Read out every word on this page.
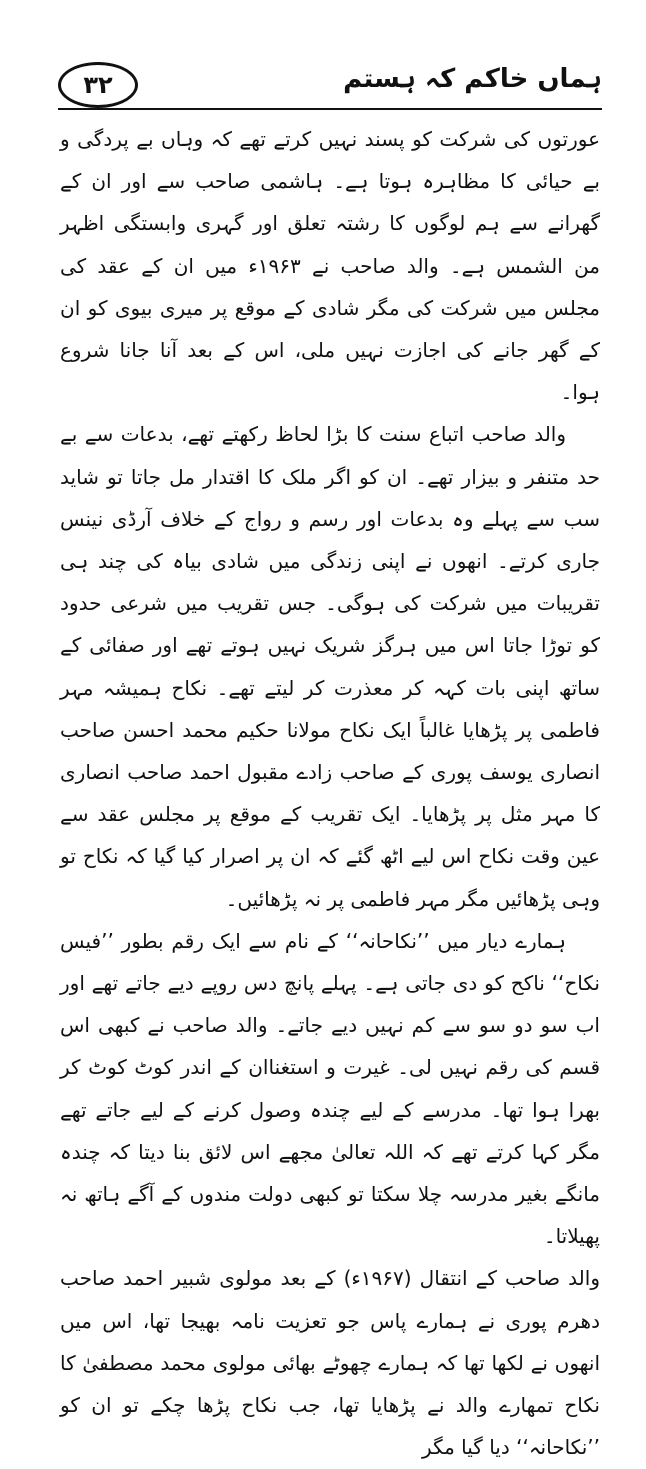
۳۲	ہماں خاکم کہ ہستم

عورتوں کی شرکت کو پسند نہیں کرتے تھے کہ وہاں بے پردگی و بے حیائی کا مظاہرہ ہوتا ہے۔ ہاشمی صاحب سے اور ان کے گھرانے سے ہم لوگوں کا رشتہ تعلق اور گہری وابستگی اظہر من الشمس ہے۔ والد صاحب نے ۱۹۶۳ء میں ان کے عقد کی مجلس میں شرکت کی مگر شادی کے موقع پر میری بیوی کو ان کے گھر جانے کی اجازت نہیں ملی، اس کے بعد آنا جانا شروع ہوا۔

والد صاحب اتباع سنت کا بڑا لحاظ رکھتے تھے، بدعات سے بے حد متنفر و بیزار تھے۔ ان کو اگر ملک کا اقتدار مل جاتا تو شاید سب سے پہلے وہ بدعات اور رسم و رواج کے خلاف آرڈی نینس جاری کرتے۔ انھوں نے اپنی زندگی میں شادی بیاہ کی چند ہی تقریبات میں شرکت کی ہوگی۔ جس تقریب میں شرعی حدود کو توڑا جاتا اس میں ہرگز شریک نہیں ہوتے تھے اور صفائی کے ساتھ اپنی بات کہہ کر معذرت کر لیتے تھے۔ نکاح ہمیشہ مہر فاطمی پر پڑھایا غالباً ایک نکاح مولانا حکیم محمد احسن صاحب انصاری یوسف پوری کے صاحب زادے مقبول احمد صاحب انصاری کا مہر مثل پر پڑھایا۔ ایک تقریب کے موقع پر مجلس عقد سے عین وقت نکاح اس لیے اٹھ گئے کہ ان پر اصرار کیا گیا کہ نکاح تو وہی پڑھائیں مگر مہر فاطمی پر نہ پڑھائیں۔

ہمارے دیار میں ’’نکاحانہ‘‘ کے نام سے ایک رقم بطور ’’فیس نکاح‘‘ ناکح کو دی جاتی ہے۔ پہلے پانچ دس روپے دیے جاتے تھے اور اب سو دو سو سے کم نہیں دیے جاتے۔ والد صاحب نے کبھی اس قسم کی رقم نہیں لی۔ غیرت و استغناان کے اندر کوٹ کوٹ کر بھرا ہوا تھا۔ مدرسے کے لیے چندہ وصول کرنے کے لیے جاتے تھے مگر کہا کرتے تھے کہ اللہ تعالیٰ مجھے اس لائق بنا دیتا کہ چندہ مانگے بغیر مدرسہ چلا سکتا تو کبھی دولت مندوں کے آگے ہاتھ نہ پھیلاتا۔

والد صاحب کے انتقال (۱۹۶۷ء) کے بعد مولوی شبیر احمد صاحب دھرم پوری نے ہمارے پاس جو تعزیت نامہ بھیجا تھا، اس میں انھوں نے لکھا تھا کہ ہمارے چھوٹے بھائی مولوی محمد مصطفیٰ کا نکاح تمھارے والد نے پڑھایا تھا، جب نکاح پڑھا چکے تو ان کو ’’نکاحانہ‘‘ دیا گیا مگر
